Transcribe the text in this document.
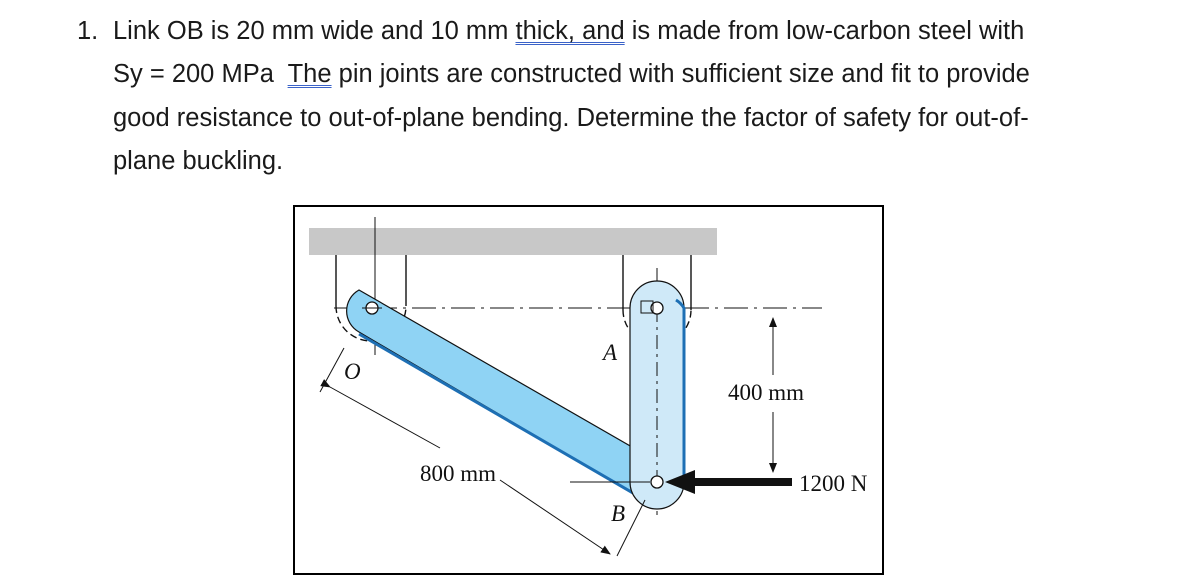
1. Link OB is 20 mm wide and 10 mm thick, and is made from low-carbon steel with
Sy = 200 MPa  The pin joints are constructed with sufficient size and fit to provide
good resistance to out-of-plane bending. Determine the factor of safety for out-of-
plane buckling.
O
A
B
800 mm
400 mm
1200 N
